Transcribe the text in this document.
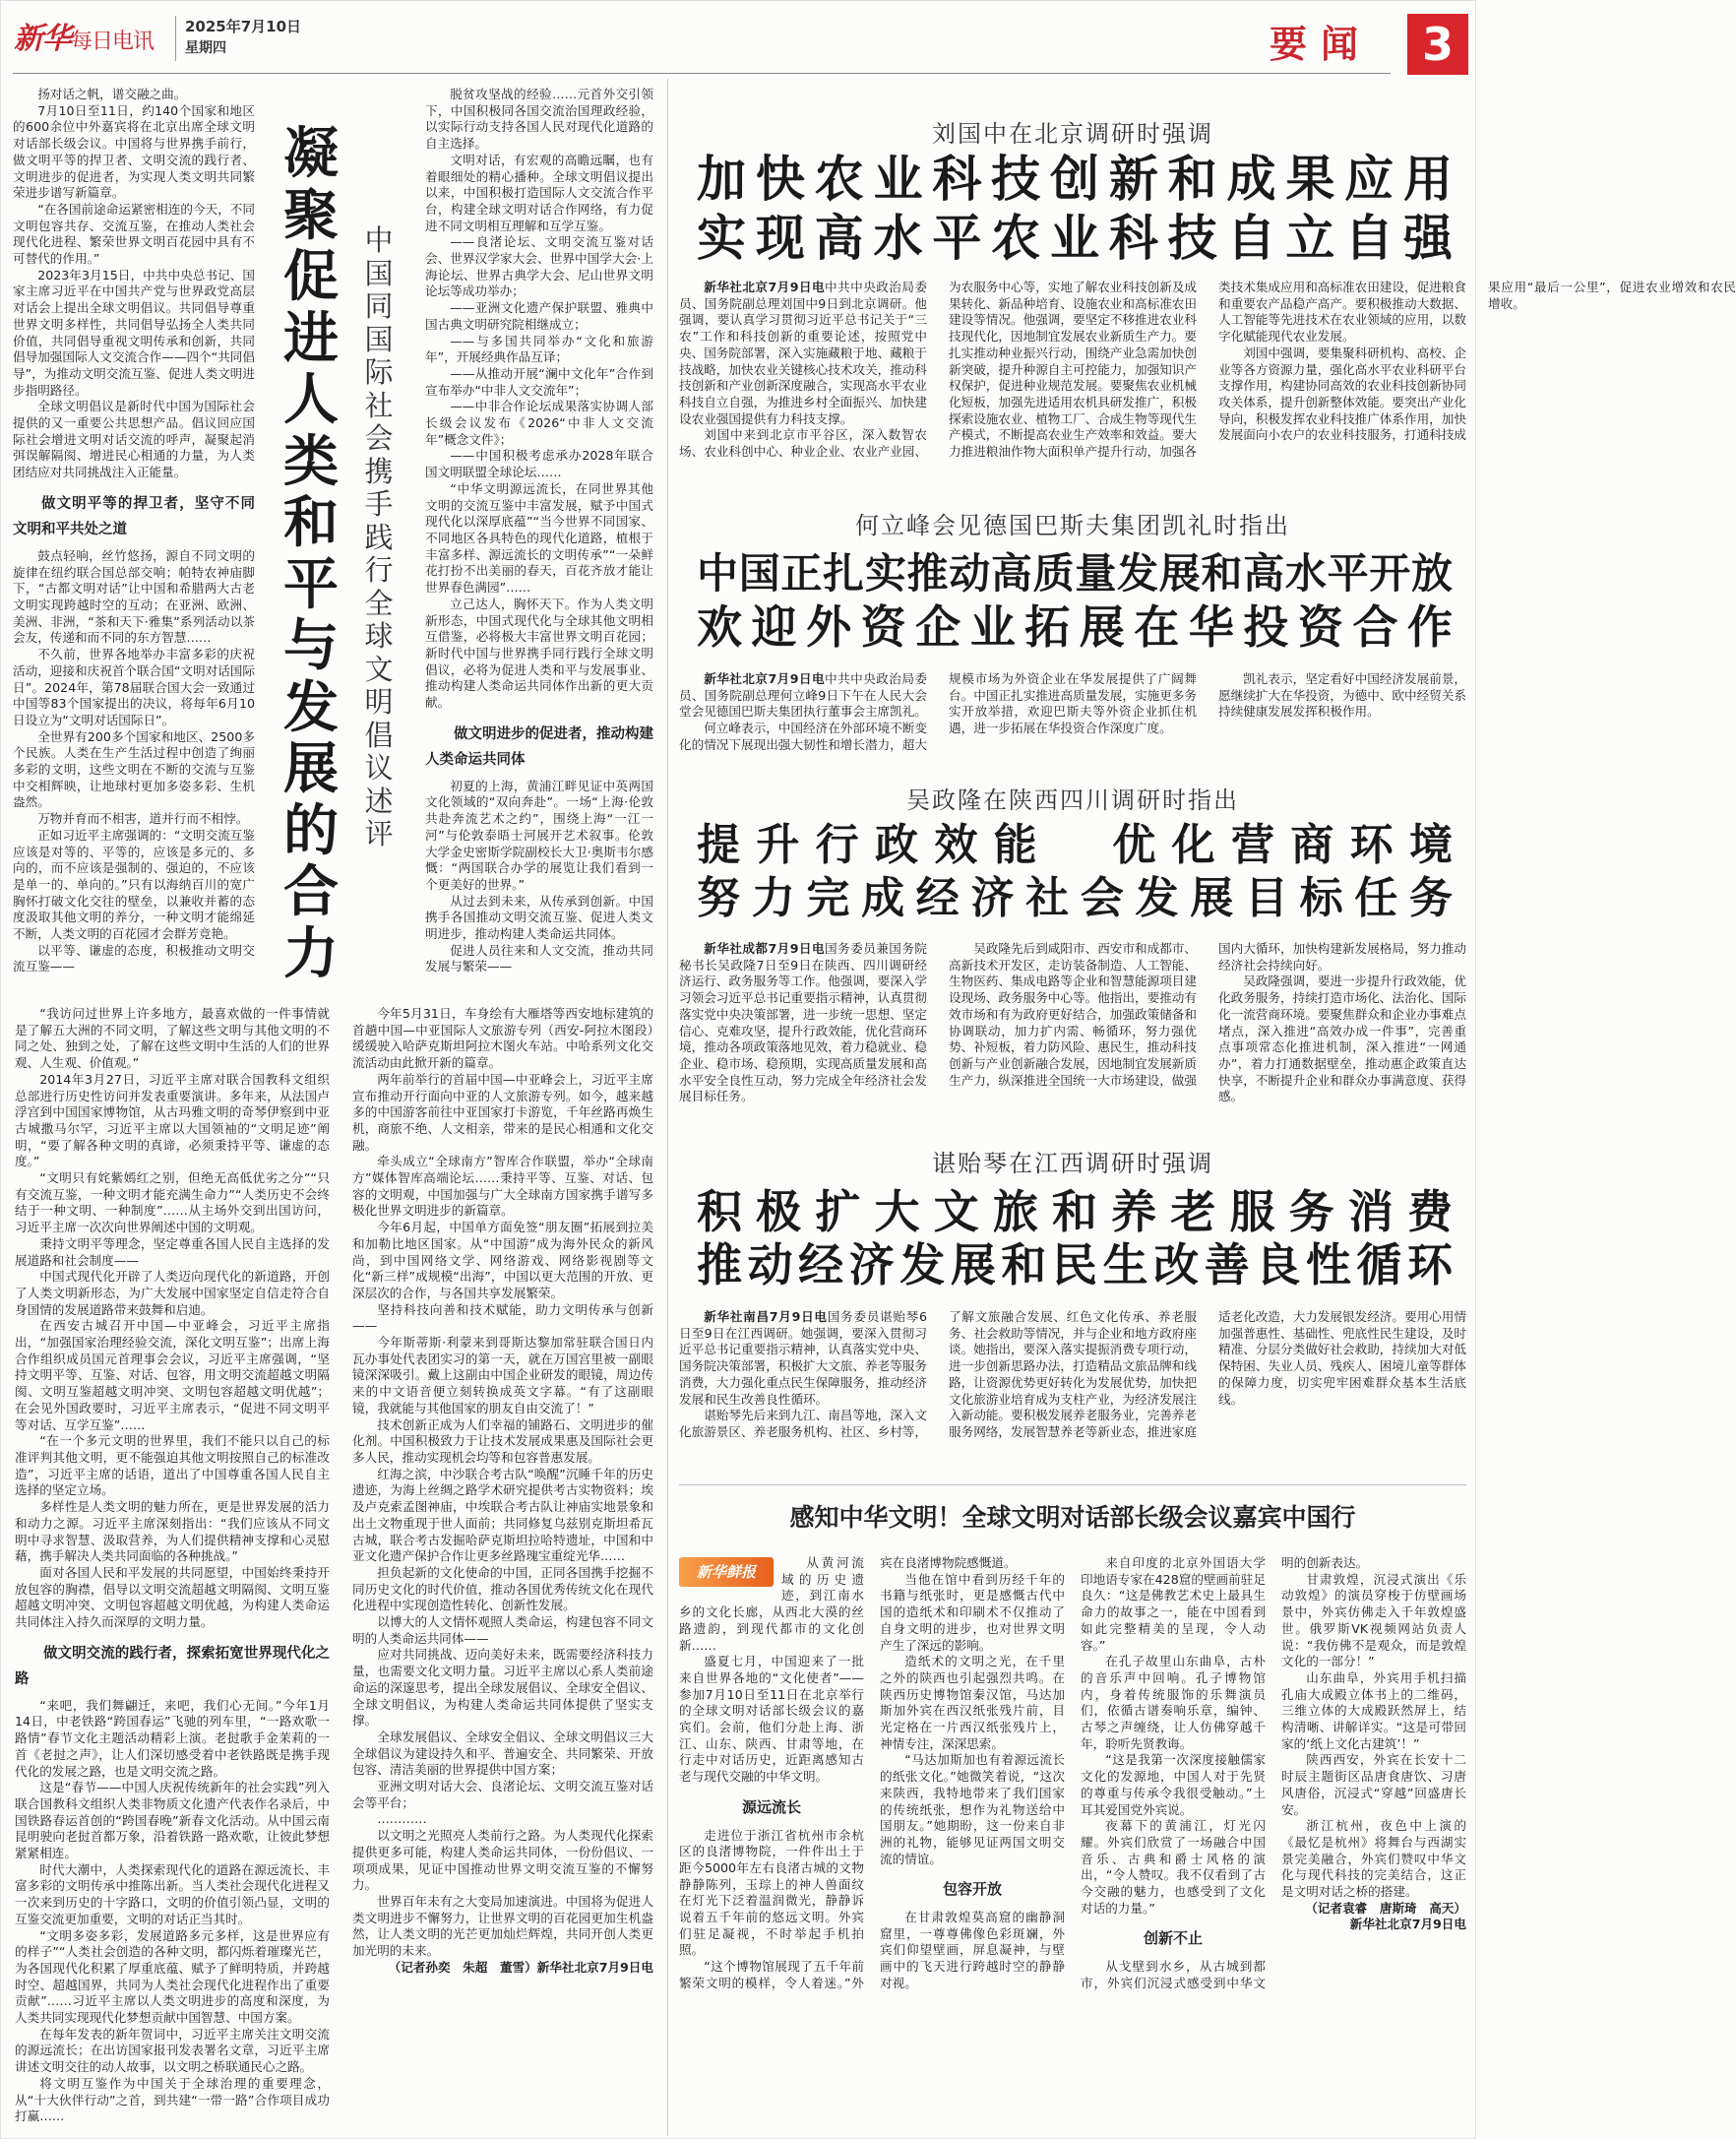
新华每日电讯
2025年7月10日
星期四	要闻	3

扬对话之帆，谱交融之曲。

7月10日至11日，约140个国家和地区的600余位中外嘉宾将在北京出席全球文明对话部长级会议。中国将与世界携手前行，做文明平等的捍卫者、文明交流的践行者、文明进步的促进者，为实现人类文明共同繁荣进步谱写新篇章。

“在各国前途命运紧密相连的今天，不同文明包容共存、交流互鉴，在推动人类社会现代化进程、繁荣世界文明百花园中具有不可替代的作用。”

2023年3月15日，中共中央总书记、国家主席习近平在中国共产党与世界政党高层对话会上提出全球文明倡议。共同倡导尊重世界文明多样性，共同倡导弘扬全人类共同价值，共同倡导重视文明传承和创新，共同倡导加强国际人文交流合作——四个“共同倡导”，为推动文明交流互鉴、促进人类文明进步指明路径。

全球文明倡议是新时代中国为国际社会提供的又一重要公共思想产品。倡议回应国际社会增进文明对话交流的呼声，凝聚起消弭误解隔阂、增进民心相通的力量，为人类团结应对共同挑战注入正能量。

做文明平等的捍卫者，坚守不同文明和平共处之道

鼓点轻响，丝竹悠扬，源自不同文明的旋律在纽约联合国总部交响；帕特农神庙脚下，“古都文明对话”让中国和希腊两大古老文明实现跨越时空的互动；在亚洲、欧洲、美洲、非洲，“茶和天下·雅集”系列活动以茶会友，传递和而不同的东方智慧……

不久前，世界各地举办丰富多彩的庆祝活动，迎接和庆祝首个联合国“文明对话国际日”。2024年，第78届联合国大会一致通过中国等83个国家提出的决议，将每年6月10日设立为“文明对话国际日”。

全世界有200多个国家和地区、2500多个民族。人类在生产生活过程中创造了绚丽多彩的文明，这些文明在不断的交流与互鉴中交相辉映，让地球村更加多姿多彩、生机盎然。

万物并育而不相害，道并行而不相悖。

正如习近平主席强调的：“文明交流互鉴应该是对等的、平等的，应该是多元的、多向的，而不应该是强制的、强迫的，不应该是单一的、单向的。”只有以海纳百川的宽广胸怀打破文化交往的壁垒，以兼收并蓄的态度汲取其他文明的养分，一种文明才能绵延不断，人类文明的百花园才会群芳竞艳。

以平等、谦虚的态度，积极推动文明交流互鉴——

凝聚促进人类和平与发展的合力
中国同国际社会携手践行全球文明倡议述评

脱贫攻坚战的经验……元首外交引领下，中国积极同各国交流治国理政经验，以实际行动支持各国人民对现代化道路的自主选择。

文明对话，有宏观的高瞻远瞩，也有着眼细处的精心播种。全球文明倡议提出以来，中国积极打造国际人文交流合作平台，构建全球文明对话合作网络，有力促进不同文明相互理解和互学互鉴。

——良渚论坛、文明交流互鉴对话会、世界汉学家大会、世界中国学大会·上海论坛、世界古典学大会、尼山世界文明论坛等成功举办；

——亚洲文化遗产保护联盟、雅典中国古典文明研究院相继成立；

——与多国共同举办“文化和旅游年”，开展经典作品互译；

——从推动开展“澜中文化年”合作到宣布举办“中非人文交流年”；

——中非合作论坛成果落实协调人部长级会议发布《2026“中非人文交流年”概念文件》；

——中国积极考虑承办2028年联合国文明联盟全球论坛……

“中华文明源远流长，在同世界其他文明的交流互鉴中丰富发展，赋予中国式现代化以深厚底蕴”“当今世界不同国家、不同地区各具特色的现代化道路，植根于丰富多样、源远流长的文明传承”“一朵鲜花打扮不出美丽的春天，百花齐放才能让世界春色满园”……

立己达人，胸怀天下。作为人类文明新形态，中国式现代化与全球其他文明相互借鉴，必将极大丰富世界文明百花园；新时代中国与世界携手同行践行全球文明倡议，必将为促进人类和平与发展事业、推动构建人类命运共同体作出新的更大贡献。

做文明进步的促进者，推动构建人类命运共同体

初夏的上海，黄浦江畔见证中英两国文化领域的“双向奔赴”。一场“上海·伦敦共赴奔流艺术之约”，围绕上海“一江一河”与伦敦泰晤士河展开艺术叙事。伦敦大学金史密斯学院副校长大卫·奥斯韦尔感慨：“两国联合办学的展览让我们看到一个更美好的世界。”

从过去到未来，从传承到创新。中国携手各国推动文明交流互鉴、促进人类文明进步，推动构建人类命运共同体。

促进人员往来和人文交流，推动共同发展与繁荣——

“我访问过世界上许多地方，最喜欢做的一件事情就是了解五大洲的不同文明，了解这些文明与其他文明的不同之处、独到之处，了解在这些文明中生活的人们的世界观、人生观、价值观。”

2014年3月27日，习近平主席对联合国教科文组织总部进行历史性访问并发表重要演讲。多年来，从法国卢浮宫到中国国家博物馆，从古玛雅文明的奇琴伊察到中亚古城撒马尔罕，习近平主席以大国领袖的“文明足迹”阐明，“要了解各种文明的真谛，必须秉持平等、谦虚的态度。”

“文明只有姹紫嫣红之别，但绝无高低优劣之分”“只有交流互鉴，一种文明才能充满生命力”“人类历史不会终结于一种文明、一种制度”……从主场外交到出国访问，习近平主席一次次向世界阐述中国的文明观。

秉持文明平等理念，坚定尊重各国人民自主选择的发展道路和社会制度——

中国式现代化开辟了人类迈向现代化的新道路，开创了人类文明新形态，为广大发展中国家坚定自信走符合自身国情的发展道路带来鼓舞和启迪。

在西安古城召开中国—中亚峰会，习近平主席指出，“加强国家治理经验交流，深化文明互鉴”；出席上海合作组织成员国元首理事会会议，习近平主席强调，“坚持文明平等、互鉴、对话、包容，用文明交流超越文明隔阂、文明互鉴超越文明冲突、文明包容超越文明优越”；在会见外国政要时，习近平主席表示，“促进不同文明平等对话、互学互鉴”……

“在一个多元文明的世界里，我们不能只以自己的标准评判其他文明，更不能强迫其他文明按照自己的标准改造”，习近平主席的话语，道出了中国尊重各国人民自主选择的坚定立场。

多样性是人类文明的魅力所在，更是世界发展的活力和动力之源。习近平主席深刻指出：“我们应该从不同文明中寻求智慧、汲取营养，为人们提供精神支撑和心灵慰藉，携手解决人类共同面临的各种挑战。”

面对各国人民和平发展的共同愿望，中国始终秉持开放包容的胸襟，倡导以文明交流超越文明隔阂、文明互鉴超越文明冲突、文明包容超越文明优越，为构建人类命运共同体注入持久而深厚的文明力量。

做文明交流的践行者，探索拓宽世界现代化之路

“来吧，我们舞翩迁，来吧，我们心无间。”今年1月14日，中老铁路“跨国春运”飞驰的列车里，“一路欢歌一路情”春节文化主题活动精彩上演。老挝歌手金茉莉的一首《老挝之声》，让人们深切感受着中老铁路既是携手现代化的发展之路，也是文明交流之路。

这是“春节——中国人庆祝传统新年的社会实践”列入联合国教科文组织人类非物质文化遗产代表作名录后，中国铁路春运首创的“跨国春晚”新春文化活动。从中国云南昆明驶向老挝首都万象，沿着铁路一路欢歌，让彼此梦想紧紧相连。

时代大潮中，人类探索现代化的道路在源远流长、丰富多彩的文明传承中推陈出新。当人类社会现代化进程又一次来到历史的十字路口，文明的价值引领凸显，文明的互鉴交流更加重要，文明的对话正当其时。

“文明多姿多彩，发展道路多元多样，这是世界应有的样子”“人类社会创造的各种文明，都闪烁着璀璨光芒，为各国现代化积累了厚重底蕴、赋予了鲜明特质，并跨越时空、超越国界，共同为人类社会现代化进程作出了重要贡献”……习近平主席以人类文明进步的高度和深度，为人类共同实现现代化梦想贡献中国智慧、中国方案。

在每年发表的新年贺词中，习近平主席关注文明交流的源远流长；在出访国家报刊发表署名文章，习近平主席讲述文明交往的动人故事，以文明之桥联通民心之路。

将文明互鉴作为中国关于全球治理的重要理念，从“十大伙伴行动”之首，到共建“一带一路”合作项目成功打赢……

今年5月31日，车身绘有大雁塔等西安地标建筑的首趟中国—中亚国际人文旅游专列（西安-阿拉木图段）缓缓驶入哈萨克斯坦阿拉木图火车站。中哈系列文化交流活动由此掀开新的篇章。

两年前举行的首届中国—中亚峰会上，习近平主席宣布推动开行面向中亚的人文旅游专列。如今，越来越多的中国游客前往中亚国家打卡游览，千年丝路再焕生机，商旅不绝、人文相亲，带来的是民心相通和文化交融。

牵头成立“全球南方”智库合作联盟，举办“全球南方”媒体智库高端论坛……秉持平等、互鉴、对话、包容的文明观，中国加强与广大全球南方国家携手谱写多极化世界文明进步的新篇章。

今年6月起，中国单方面免签“朋友圈”拓展到拉美和加勒比地区国家。从“中国游”成为海外民众的新风尚，到中国网络文学、网络游戏、网络影视剧等文化“新三样”成规模“出海”，中国以更大范围的开放、更深层次的合作，与各国共享发展繁荣。

坚持科技向善和技术赋能，助力文明传承与创新——

今年斯蒂斯·利蒙来到哥斯达黎加常驻联合国日内瓦办事处代表团实习的第一天，就在万国宫里被一副眼镜深深吸引。戴上这副由中国企业研发的眼镜，周边传来的中文语音便立刻转换成英文字幕。“有了这副眼镜，我就能与其他国家的朋友自由交流了！”

技术创新正成为人们幸福的铺路石、文明进步的催化剂。中国积极致力于让技术发展成果惠及国际社会更多人民，推动实现机会均等和包容普惠发展。

红海之滨，中沙联合考古队“唤醒”沉睡千年的历史遗迹，为海上丝绸之路学术研究提供考古实物资料；埃及卢克索孟图神庙，中埃联合考古队让神庙实地景象和出土文物重现于世人面前；共同修复乌兹别克斯坦希瓦古城，联合考古发掘哈萨克斯坦拉哈特遗址，中国和中亚文化遗产保护合作让更多丝路瑰宝重绽光华……

担负起新的文化使命的中国，正同各国携手挖掘不同历史文化的时代价值，推动各国优秀传统文化在现代化进程中实现创造性转化、创新性发展。

以博大的人文情怀观照人类命运，构建包容不同文明的人类命运共同体——

应对共同挑战、迈向美好未来，既需要经济科技力量，也需要文化文明力量。习近平主席以心系人类前途命运的深邃思考，提出全球发展倡议、全球安全倡议、全球文明倡议，为构建人类命运共同体提供了坚实支撑。

全球发展倡议、全球安全倡议、全球文明倡议三大全球倡议为建设持久和平、普遍安全、共同繁荣、开放包容、清洁美丽的世界提供中国方案；

亚洲文明对话大会、良渚论坛、文明交流互鉴对话会等平台；

…………

以文明之光照亮人类前行之路。为人类现代化探索提供更多可能，构建人类命运共同体，一份份倡议、一项项成果，见证中国推动世界文明交流互鉴的不懈努力。

世界百年未有之大变局加速演进。中国将为促进人类文明进步不懈努力，让世界文明的百花园更加生机盎然，让人类文明的光芒更加灿烂辉煌，共同开创人类更加光明的未来。

（记者孙奕　朱超　董雪）新华社北京7月9日电

刘国中在北京调研时强调
加快农业科技创新和成果应用
实现高水平农业科技自立自强

新华社北京7月9日电中共中央政治局委员、国务院副总理刘国中9日到北京调研。他强调，要认真学习贯彻习近平总书记关于“三农”工作和科技创新的重要论述，按照党中央、国务院部署，深入实施藏粮于地、藏粮于技战略，加快农业关键核心技术攻关，推动科技创新和产业创新深度融合，实现高水平农业科技自立自强，为推进乡村全面振兴、加快建设农业强国提供有力科技支撑。

刘国中来到北京市平谷区，深入数智农场、农业科创中心、种业企业、农业产业园、为农服务中心等，实地了解农业科技创新及成果转化、新品种培育、设施农业和高标准农田建设等情况。他强调，要坚定不移推进农业科技现代化，因地制宜发展农业新质生产力。要扎实推动种业振兴行动，围绕产业急需加快创新突破，提升种源自主可控能力，加强知识产权保护，促进种业规范发展。要聚焦农业机械化短板，加强先进适用农机具研发推广，积极探索设施农业、植物工厂、合成生物等现代生产模式，不断提高农业生产效率和效益。要大力推进粮油作物大面积单产提升行动，加强各类技术集成应用和高标准农田建设，促进粮食和重要农产品稳产高产。要积极推动大数据、人工智能等先进技术在农业领域的应用，以数字化赋能现代农业发展。

刘国中强调，要集聚科研机构、高校、企业等各方资源力量，强化高水平农业科研平台支撑作用，构建协同高效的农业科技创新协同攻关体系，提升创新整体效能。要突出产业化导向，积极发挥农业科技推广体系作用，加快发展面向小农户的农业科技服务，打通科技成果应用“最后一公里”，促进农业增效和农民增收。

何立峰会见德国巴斯夫集团凯礼时指出
中国正扎实推动高质量发展和高水平开放
欢迎外资企业拓展在华投资合作

新华社北京7月9日电中共中央政治局委员、国务院副总理何立峰9日下午在人民大会堂会见德国巴斯夫集团执行董事会主席凯礼。

何立峰表示，中国经济在外部环境不断变化的情况下展现出强大韧性和增长潜力，超大规模市场为外资企业在华发展提供了广阔舞台。中国正扎实推进高质量发展，实施更多务实开放举措，欢迎巴斯夫等外资企业抓住机遇，进一步拓展在华投资合作深度广度。

凯礼表示，坚定看好中国经济发展前景，愿继续扩大在华投资，为德中、欧中经贸关系持续健康发展发挥积极作用。

吴政隆在陕西四川调研时指出
提升行政效能　优化营商环境
努力完成经济社会发展目标任务

新华社成都7月9日电国务委员兼国务院秘书长吴政隆7日至9日在陕西、四川调研经济运行、政务服务等工作。他强调，要深入学习领会习近平总书记重要指示精神，认真贯彻落实党中央决策部署，进一步统一思想、坚定信心、克难攻坚，提升行政效能，优化营商环境，推动各项政策落地见效，着力稳就业、稳企业、稳市场、稳预期，实现高质量发展和高水平安全良性互动，努力完成全年经济社会发展目标任务。

吴政隆先后到咸阳市、西安市和成都市、高新技术开发区，走访装备制造、人工智能、生物医药、集成电路等企业和智慧能源项目建设现场、政务服务中心等。他指出，要推动有效市场和有为政府更好结合，加强政策储备和协调联动，加力扩内需、畅循环，努力强优势、补短板，着力防风险、惠民生，推动科技创新与产业创新融合发展，因地制宜发展新质生产力，纵深推进全国统一大市场建设，做强国内大循环，加快构建新发展格局，努力推动经济社会持续向好。

吴政隆强调，要进一步提升行政效能，优化政务服务，持续打造市场化、法治化、国际化一流营商环境。要聚焦群众和企业办事难点堵点，深入推进“高效办成一件事”，完善重点事项常态化推进机制，深入推进“一网通办”，着力打通数据壁垒，推动惠企政策直达快享，不断提升企业和群众办事满意度、获得感。

谌贻琴在江西调研时强调
积极扩大文旅和养老服务消费
推动经济发展和民生改善良性循环

新华社南昌7月9日电国务委员谌贻琴6日至9日在江西调研。她强调，要深入贯彻习近平总书记重要指示精神，认真落实党中央、国务院决策部署，积极扩大文旅、养老等服务消费，大力强化重点民生保障服务，推动经济发展和民生改善良性循环。

谌贻琴先后来到九江、南昌等地，深入文化旅游景区、养老服务机构、社区、乡村等，了解文旅融合发展、红色文化传承、养老服务、社会救助等情况，并与企业和地方政府座谈。她指出，要深入落实提振消费专项行动，进一步创新思路办法，打造精品文旅品牌和线路，让资源优势更好转化为发展优势，加快把文化旅游业培育成为支柱产业，为经济发展注入新动能。要积极发展养老服务业，完善养老服务网络，发展智慧养老等新业态，推进家庭适老化改造，大力发展银发经济。要用心用情加强普惠性、基础性、兜底性民生建设，及时精准、分层分类做好社会救助，持续加大对低保特困、失业人员、残疾人、困境儿童等群体的保障力度，切实兜牢困难群众基本生活底线。

感知中华文明！全球文明对话部长级会议嘉宾中国行
新华鲜报

从黄河流域的历史遗迹，到江南水乡的文化长廊，从西北大漠的丝路遗韵，到现代都市的文化创新……

盛夏七月，中国迎来了一批来自世界各地的“文化使者”——参加7月10日至11日在北京举行的全球文明对话部长级会议的嘉宾们。会前，他们分赴上海、浙江、山东、陕西、甘肃等地，在行走中对话历史，近距离感知古老与现代交融的中华文明。

源远流长

走进位于浙江省杭州市余杭区的良渚博物院，一件件出土于距今5000年左右良渚古城的文物静静陈列，玉琮上的神人兽面纹在灯光下泛着温润微光，静静诉说着五千年前的悠远文明。外宾们驻足凝视，不时举起手机拍照。

“这个博物馆展现了五千年前繁荣文明的模样，令人着迷。”外宾在良渚博物院感慨道。

当他在馆中看到历经千年的书籍与纸张时，更是感慨古代中国的造纸术和印刷术不仅推动了自身文明的进步，也对世界文明产生了深远的影响。

造纸术的文明之光，在千里之外的陕西也引起强烈共鸣。在陕西历史博物馆秦汉馆，马达加斯加外宾在西汉纸张残片前，目光定格在一片西汉纸张残片上，神情专注，深深思索。

“马达加斯加也有着源远流长的纸张文化。”她微笑着说，“这次来陕西，我特地带来了我们国家的传统纸张，想作为礼物送给中国朋友。”她期盼，这一份来自非洲的礼物，能够见证两国文明交流的情谊。

包容开放

在甘肃敦煌莫高窟的幽静洞窟里，一尊尊佛像色彩斑斓，外宾们仰望壁画，屏息凝神，与壁画中的飞天进行跨越时空的静静对视。

来自印度的北京外国语大学印地语专家在428窟的壁画前驻足良久：“这是佛教艺术史上最具生命力的故事之一，能在中国看到如此完整精美的呈现，令人动容。”

在孔子故里山东曲阜，古朴的音乐声中回响。孔子博物馆内，身着传统服饰的乐舞演员们，依循古谱奏响乐章，编钟、古琴之声缠绕，让人仿佛穿越千年，聆听先贤教诲。

“这是我第一次深度接触儒家文化的发源地，中国人对于先贤的尊重与传承令我很受触动。”土耳其爱国党外宾说。

夜幕下的黄浦江，灯光闪耀。外宾们欣赏了一场融合中国音乐、古典和爵士风格的演出，“令人赞叹。我不仅看到了古今交融的魅力，也感受到了文化对话的力量。”

创新不止

从戈壁到水乡，从古城到都市，外宾们沉浸式感受到中华文明的创新表达。

甘肃敦煌，沉浸式演出《乐动敦煌》的演员穿梭于仿壁画场景中，外宾仿佛走入千年敦煌盛世。俄罗斯VK视频网站负责人说：“我仿佛不是观众，而是敦煌文化的一部分！”

山东曲阜，外宾用手机扫描孔庙大成殿立体书上的二维码，三维立体的大成殿跃然屏上，结构清晰、讲解详实。“这是可带回家的‘纸上文化古建筑’！”

陕西西安，外宾在长安十二时辰主题街区品唐食唐饮、习唐风唐俗，沉浸式“穿越”回盛唐长安。

浙江杭州，夜色中上演的《最忆是杭州》将舞台与西湖实景完美融合，外宾们赞叹中华文化与现代科技的完美结合，这正是文明对话之桥的搭建。

（记者袁睿　唐斯琦　高天）

新华社北京7月9日电
